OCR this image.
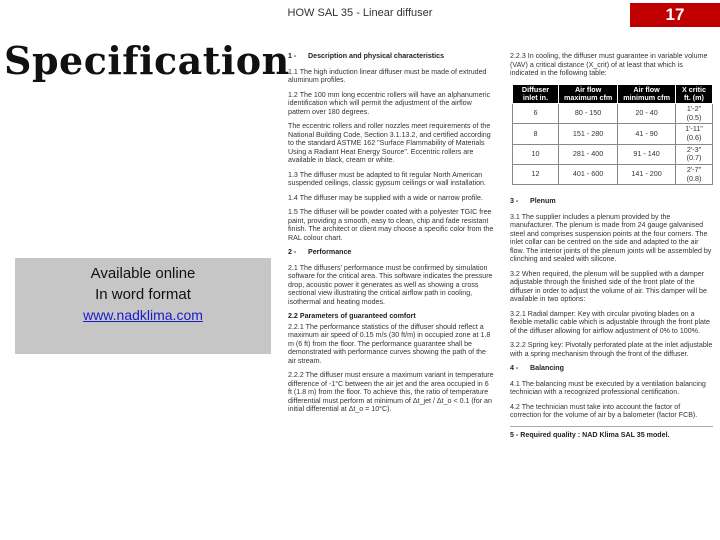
HOW SAL 35 - Linear diffuser	17
Specification
Available online
In word format
www.nadklima.com
1 - Description and physical characteristics

1.1 The high induction linear diffuser must be made of extruded aluminum profiles.

1.2 The 100 mm long eccentric rollers will have an alphanumeric identification which will permit the adjustment of the airflow pattern over 180 degrees.

The eccentric rollers and roller nozzles meet requirements of the National Building Code, Section 3.1.13.2, and certified according to the standard ASTME 162 "Surface Flammability of Materials Using a Radiant Heat Energy Source". Eccentric rollers are available in black, cream or white.

1.3 The diffuser must be adapted to fit regular North American suspended ceilings, classic gypsum ceilings or wall installation.

1.4 The diffuser may be supplied with a wide or narrow profile.

1.5 The diffuser will be powder coated with a polyester TGIC free paint, providing a smooth, easy to clean, chip and fade resistant finish. The architect or client may choose a specific color from the RAL colour chart.

2 - Performance

2.1 The diffusers' performance must be confirmed by simulation software for the critical area. This software indicates the pressure drop, acoustic power it generates as well as showing a cross sectional view illustrating the critical airflow path in cooling, isothermal and heating modes.

2.2 Parameters of guaranteed comfort

2.2.1 The performance statistics of the diffuser should reflect a maximum air speed of 0.15 m/s (30 ft/m) in occupied zone at 1.8 m (6 ft) from the floor. The performance guarantee shall be demonstrated with performance curves showing the path of the air stream.

2.2.2 The diffuser must ensure a maximum variant in temperature difference of -1°C between the air jet and the area occupied in 6 ft (1.8 m) from the floor. To achieve this, the ratio of temperature differential must perform at minimum of Δt_jet / Δt_o < 0.1 (for an initial differential at Δt_o = 10°C).

2.2.3 In cooling, the diffuser must guarantee in variable volume (VAV) a critical distance (X_crit) of at least that which is indicated in the following table:

Diffuser inlet in.	Air flow maximum cfm	Air flow minimum cfm	X critic ft. (m)
6	80 - 150	20 - 40	1'-2" (0.5)
8	151 - 280	41 - 90	1'-11" (0.6)
10	281 - 400	91 - 140	2'-3" (0.7)
12	401 - 600	141 - 200	2'-7" (0.8)
3 - Plenum

3.1 The supplier includes a plenum provided by the manufacturer. The plenum is made from 24 gauge galvanised steel and comprises suspension points at the four corners. The inlet collar can be centred on the side and adapted to the air flow. The interior joints of the plenum joints will be assembled by clinching and sealed with silicone.

3.2 When required, the plenum will be supplied with a damper adjustable through the finished side of the front plate of the diffuser in order to adjust the volume of air. This damper will be available in two options:

3.2.1 Radial damper: Key with circular pivoting blades on a flexible metallic cable which is adjustable through the front plate of the diffuser allowing for airflow adjustment of 0% to 100%.

3.2.2 Spring key: Pivotally perforated plate at the inlet adjustable with a spring mechanism through the front of the diffuser.

4 - Balancing

4.1 The balancing must be executed by a ventilation balancing technician with a recognized professional certification.

4.2 The technician must take into account the factor of correction for the volume of air by a balometer (factor FCB).

5 - Required quality : NAD Klima SAL 35 model.
